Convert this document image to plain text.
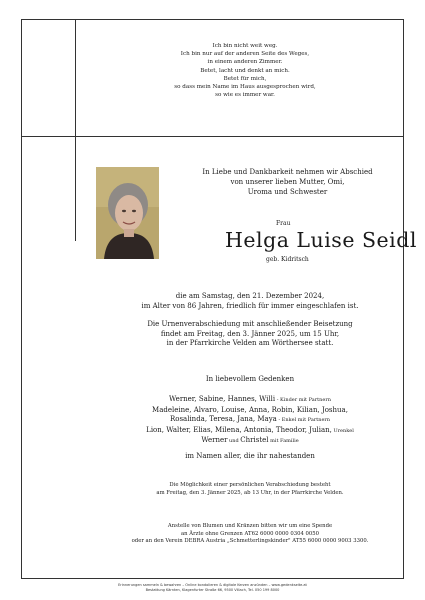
Ich bin nicht weit weg.
Ich bin nur auf der anderen Seite des Weges,
in einem anderen Zimmer.
Betet, lacht und denkt an mich.
Betet für mich,
so dass mein Name im Haus ausgesprochen wird,
so wie es immer war.
In Liebe und Dankbarkeit nehmen wir Abschied
von unserer lieben Mutter, Omi,
Uroma und Schwester
Frau
Helga Luise Seidl
geb. Kidritsch
die am Samstag, den 21. Dezember 2024,
im Alter von 86 Jahren, friedlich für immer eingeschlafen ist.
Die Urnenverabschiedung mit anschließender Beisetzung
findet am Freitag, den 3. Jänner 2025, um 15 Uhr,
in der Pfarrkirche Velden am Wörthersee statt.
In liebevollem Gedenken
Werner, Sabine, Hannes, Willi - Kinder mit Partnern
Madeleine, Alvaro, Louise, Anna, Robin, Kilian, Joshua,
Rosalinda, Teresa, Jana, Maya - Enkel mit Partnern
Lion, Walter, Elias, Milena, Antonia, Theodor, Julian, Urenkel
Werner und Christel mit Familie
im Namen aller, die ihr nahestanden
Die Möglichkeit einer persönlichen Verabschiedung besteht
am Freitag, den 3. Jänner 2025, ab 13 Uhr, in der Pfarrkirche Velden.
Anstelle von Blumen und Kränzen bitten wir um eine Spende
an Ärzte ohne Grenzen AT62 6000 0000 0304 0050
oder an den Verein DEBRA Austria „Schmetterlingskinder" AT55 6000 0000 9003 3300.
Erinnerungen sammeln & bewahren – Online kondolieren & digitale Kerzen anzünden – www.gedenkseite.at
Bestattung Kärnten, Klagenfurter Straße 66, 9500 Villach, Tel. 050 199 8000
